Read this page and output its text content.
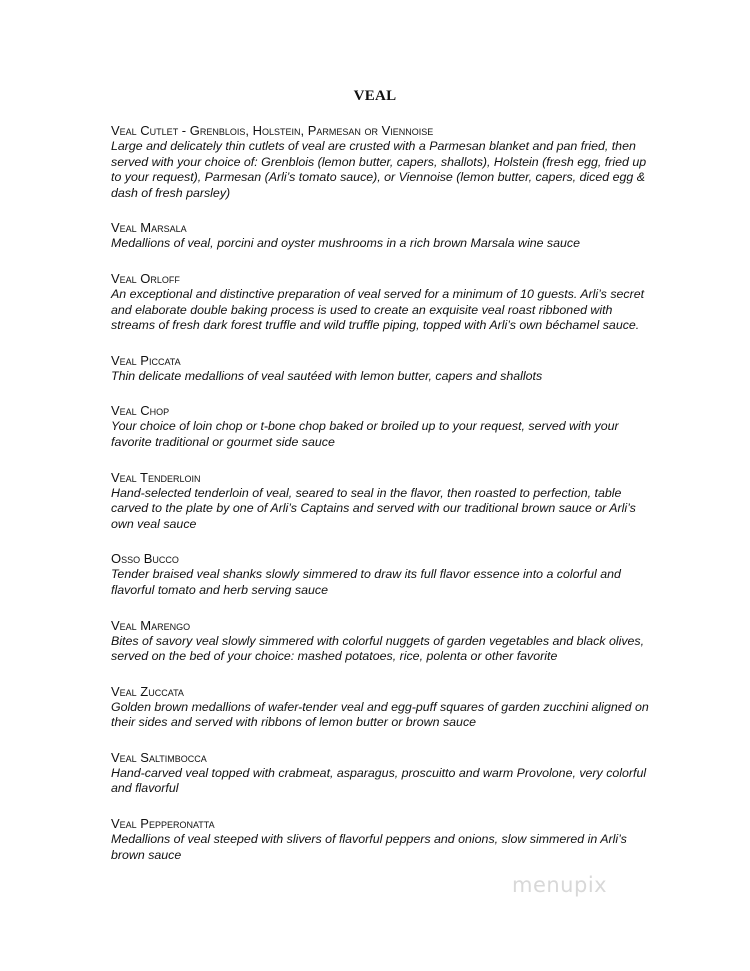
VEAL
Veal Cutlet - Grenblois, Holstein, Parmesan or Viennoise
Large and delicately thin cutlets of veal are crusted with a Parmesan blanket and pan fried, then served with your choice of: Grenblois (lemon butter, capers, shallots), Holstein (fresh egg, fried up to your request), Parmesan (Arli’s tomato sauce), or Viennoise (lemon butter, capers, diced egg & dash of fresh parsley)
Veal Marsala
Medallions of veal, porcini and oyster mushrooms in a rich brown Marsala wine sauce
Veal Orloff
An exceptional and distinctive preparation of veal served for a minimum of 10 guests. Arli’s secret and elaborate double baking process is used to create an exquisite veal roast ribboned with streams of fresh dark forest truffle and wild truffle piping, topped with Arli’s own béchamel sauce.
Veal Piccata
Thin delicate medallions of veal sautéed with lemon butter, capers and shallots
Veal Chop
Your choice of loin chop or t-bone chop baked or broiled up to your request, served with your favorite traditional or gourmet side sauce
Veal Tenderloin
Hand-selected tenderloin of veal, seared to seal in the flavor, then roasted to perfection, table carved to the plate by one of Arli’s Captains and served with our traditional brown sauce or Arli’s own veal sauce
Osso Bucco
Tender braised veal shanks slowly simmered to draw its full flavor essence into a colorful and flavorful tomato and herb serving sauce
Veal Marengo
Bites of savory veal slowly simmered with colorful nuggets of garden vegetables and black olives, served on the bed of your choice: mashed potatoes, rice, polenta or other favorite
Veal Zuccata
Golden brown medallions of wafer-tender veal and egg-puff squares of garden zucchini aligned on their sides and served with ribbons of lemon butter or brown sauce
Veal Saltimbocca
Hand-carved veal topped with crabmeat, asparagus, proscuitto and warm Provolone, very colorful and flavorful
Veal Pepperonatta
Medallions of veal steeped with slivers of flavorful peppers and onions, slow simmered in Arli’s brown sauce
menupix
